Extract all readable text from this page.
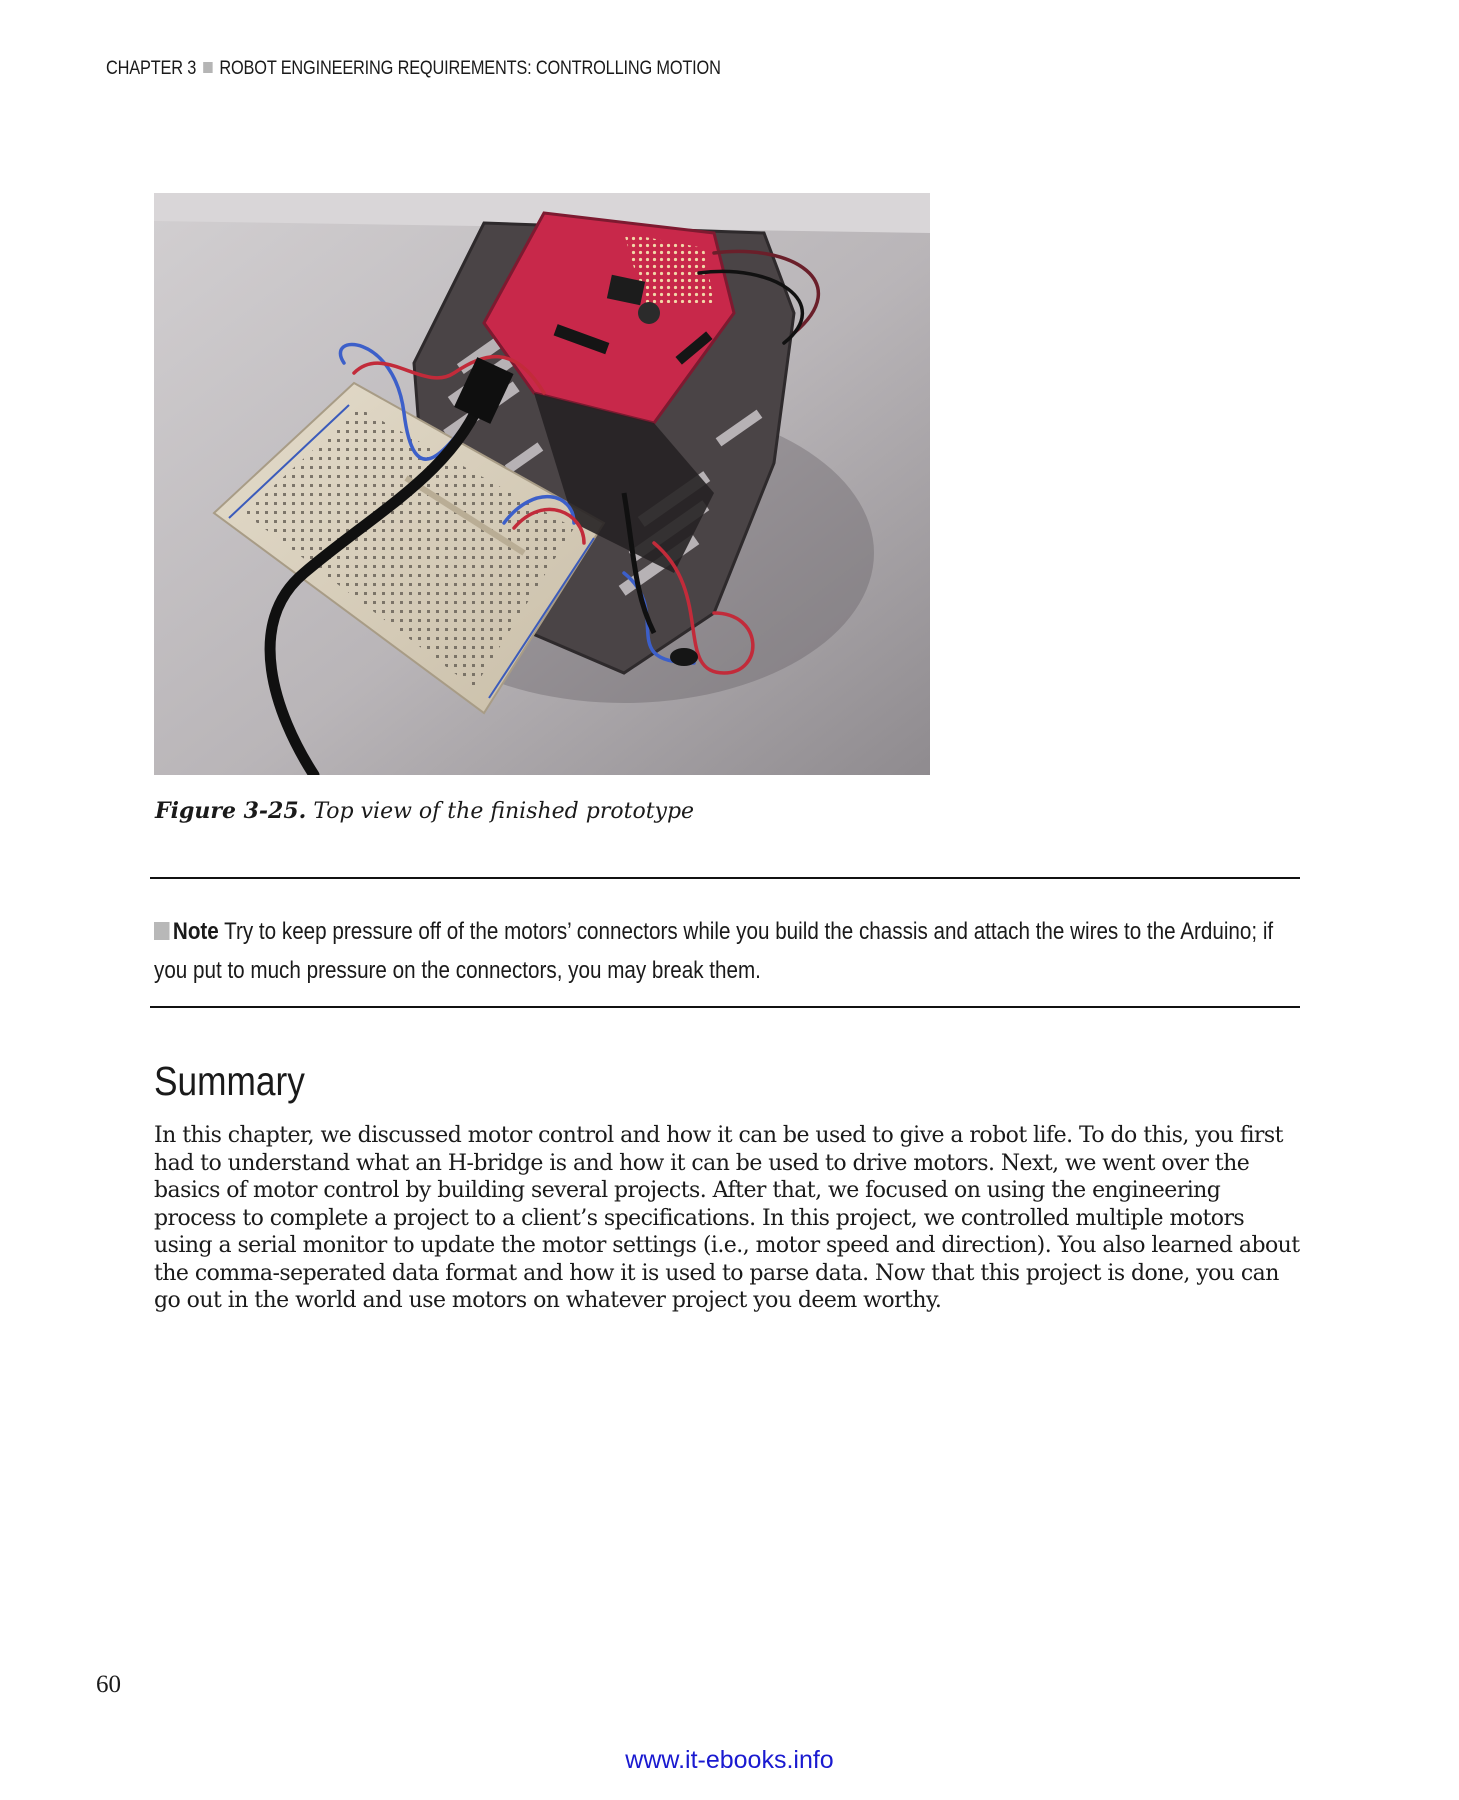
CHAPTER 3 ROBOT ENGINEERING REQUIREMENTS: CONTROLLING MOTION
Figure 3-25. Top view of the finished prototype
Note Try to keep pressure off of the motors’ connectors while you build the chassis and attach the wires to the Arduino; if you put to much pressure on the connectors, you may break them.
Summary

In this chapter, we discussed motor control and how it can be used to give a robot life. To do this, you first had to understand what an H-bridge is and how it can be used to drive motors. Next, we went over the basics of motor control by building several projects. After that, we focused on using the engineering process to complete a project to a client’s specifications. In this project, we controlled multiple motors using a serial monitor to update the motor settings (i.e., motor speed and direction). You also learned about the comma-seperated data format and how it is used to parse data. Now that this project is done, you can go out in the world and use motors on whatever project you deem worthy.

60
www.it-ebooks.info
